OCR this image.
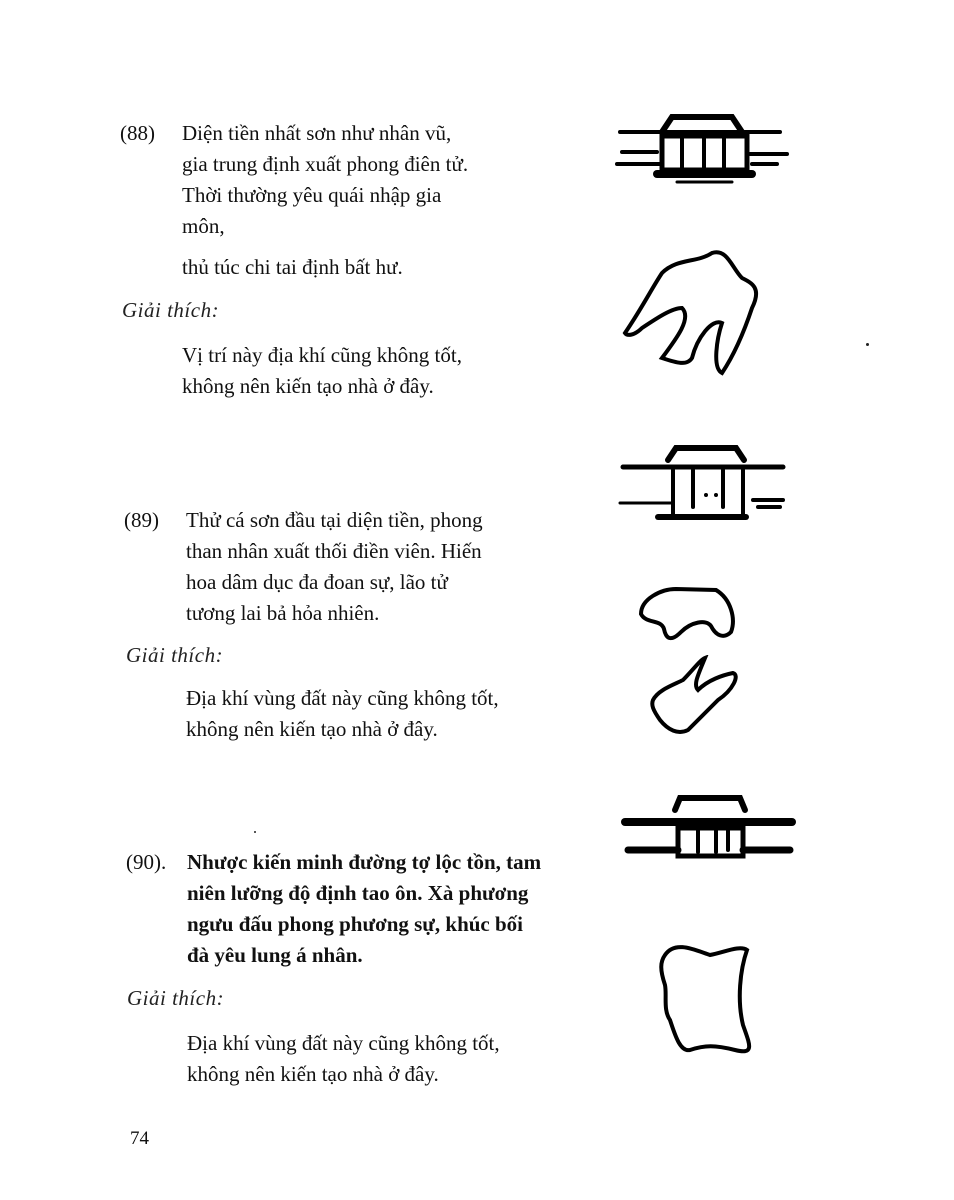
(88) Diện tiền nhất sơn như nhân vũ,
gia trung định xuất phong điên tử.
Thời thường yêu quái nhập gia
môn,
thủ túc chi tai định bất hư.
Giải thích:
Vị trí này địa khí cũng không tốt,
không nên kiến tạo nhà ở đây.
(89) Thử cá sơn đầu tại diện tiền, phong
than nhân xuất thối điền viên. Hiến
hoa dâm dục đa đoan sự, lão tử
tương lai bả hỏa nhiên.
Giải thích:
Địa khí vùng đất này cũng không tốt,
không nên kiến tạo nhà ở đây.
(90). Nhược kiến minh đường tợ lộc tồn, tam
niên lưỡng độ định tao ôn. Xà phương
ngưu đấu phong phương sự, khúc bối
đà yêu lung á nhân.
Giải thích:
Địa khí vùng đất này cũng không tốt,
không nên kiến tạo nhà ở đây.
74
